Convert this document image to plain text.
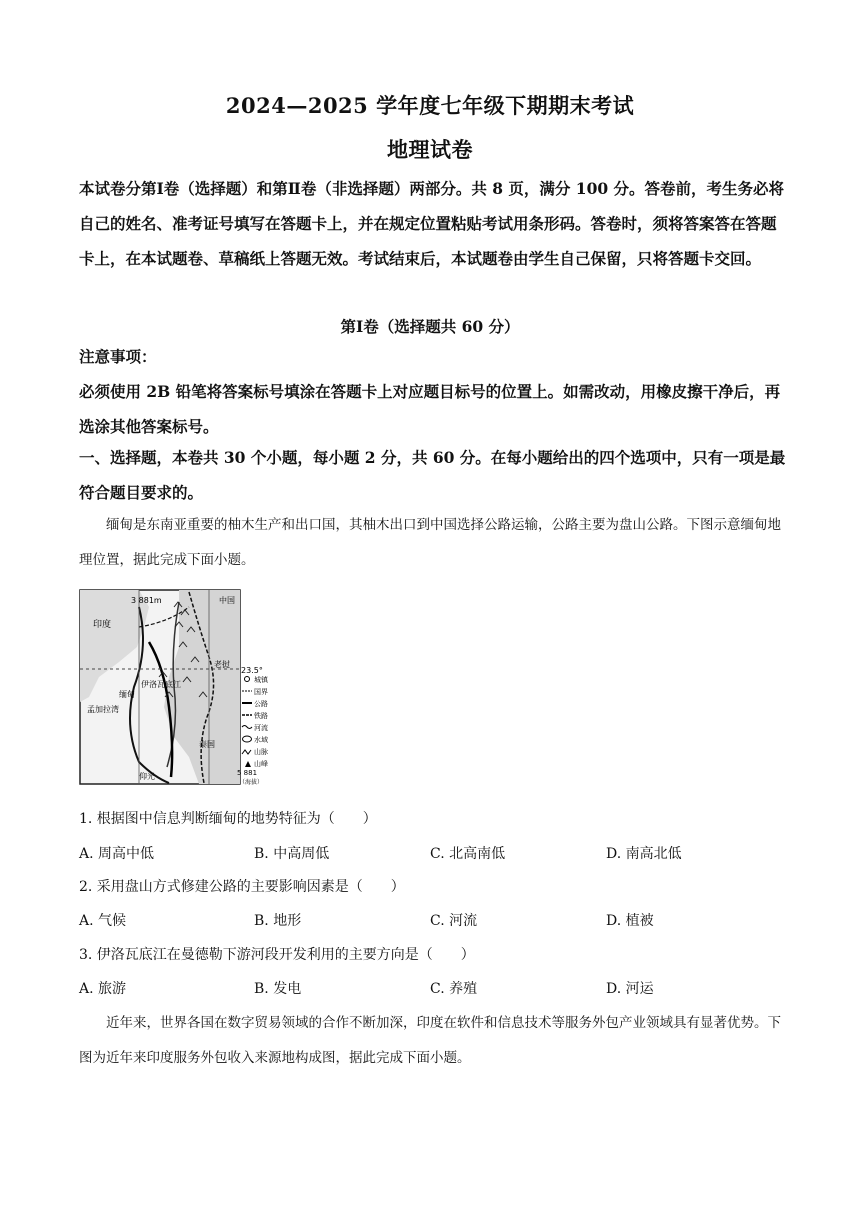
2024—2025 学年度七年级下期期末考试
地理试卷
本试卷分第Ⅰ卷（选择题）和第Ⅱ卷（非选择题）两部分。共 8 页，满分 100 分。答卷前，考生务必将自己的姓名、准考证号填写在答题卡上，并在规定位置粘贴考试用条形码。答卷时，须将答案答在答题卡上，在本试题卷、草稿纸上答题无效。考试结束后，本试题卷由学生自己保留，只将答题卡交回。
第Ⅰ卷（选择题共 60 分）
注意事项：
必须使用 2B 铅笔将答案标号填涂在答题卡上对应题目标号的位置上。如需改动，用橡皮擦干净后，再选涂其他答案标号。
一、选择题，本卷共 30 个小题，每小题 2 分，共 60 分。在每小题给出的四个选项中，只有一项是最符合题目要求的。
缅甸是东南亚重要的柚木生产和出口国，其柚木出口到中国选择公路运输，公路主要为盘山公路。下图示意缅甸地理位置，据此完成下面小题。
3 881m
23.5°
印度
中国
孟加拉湾
伊洛瓦底江
缅甸
老挝
泰国
仰光	5 881
（海拔）
城镇
国界
公路
铁路
河流
水域
山脉
山峰
1. 根据图中信息判断缅甸的地势特征为（　　）
A. 周高中低	B. 中高周低	C. 北高南低	D. 南高北低
2. 采用盘山方式修建公路的主要影响因素是（　　）
A. 气候	B. 地形	C. 河流	D. 植被
3. 伊洛瓦底江在曼德勒下游河段开发利用的主要方向是（　　）
A. 旅游	B. 发电	C. 养殖	D. 河运
近年来，世界各国在数字贸易领域的合作不断加深，印度在软件和信息技术等服务外包产业领域具有显著优势。下图为近年来印度服务外包收入来源地构成图，据此完成下面小题。
